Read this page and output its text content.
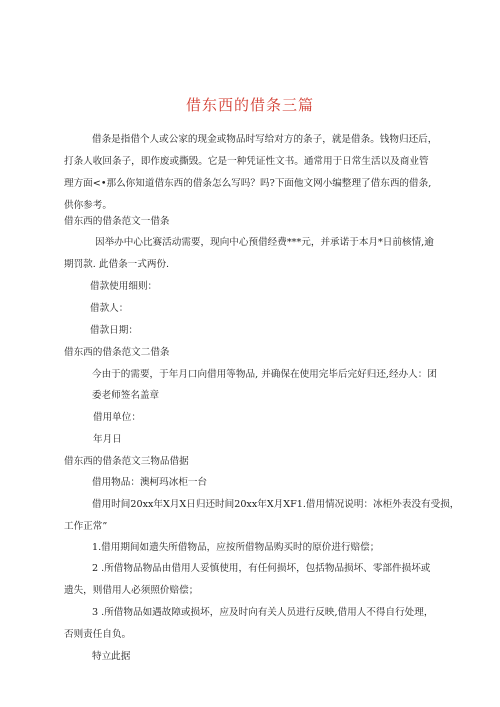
借东西的借条三篇
借条是指借个人或公家的现金或物品时写给对方的条子，就是借条。钱物归还后，
打条人收回条子，即作废或撕毁。它是一种凭证性文书。通常用于日常生活以及商业管
理方面<•那么你知道借东西的借条怎么写吗？吗?下面他文网小编整理了借东西的借条,
供你参考。
借东西的借条范文一借条
因举办中心比赛活动需要，现向中心预借经费***元，并承诺于本月*日前核情,逾
期罚款. 此借条一式两份.
借款使用细则：
借款人：
借款日期：
借东西的借条范文二借条
今由于的需要，于年月口向借用等物品, 并确保在使用完毕后完好归还,经办人：团
委老师签名盖章
借用单位：
年月日
借东西的借条范文三物品借据
借用物品：澳柯玛冰柜一台
借用时间20xx年X月X日归还时间20xx年X月XF1.借用情况说明：冰柜外表没有受损，
工作正常”
1.借用期间如遗失所借物品，应按所借物品购买时的原价进行赔偿；
2 .所借物品物品由借用人妥慎使用，有任何损坏，包括物品损坏、零部件损坏或
遗失，则借用人必须照价赔偿；
3 .所借物品如遇故障或损坏，应及时向有关人员进行反映,借用人不得自行处理，
否则责任自负。
特立此据
